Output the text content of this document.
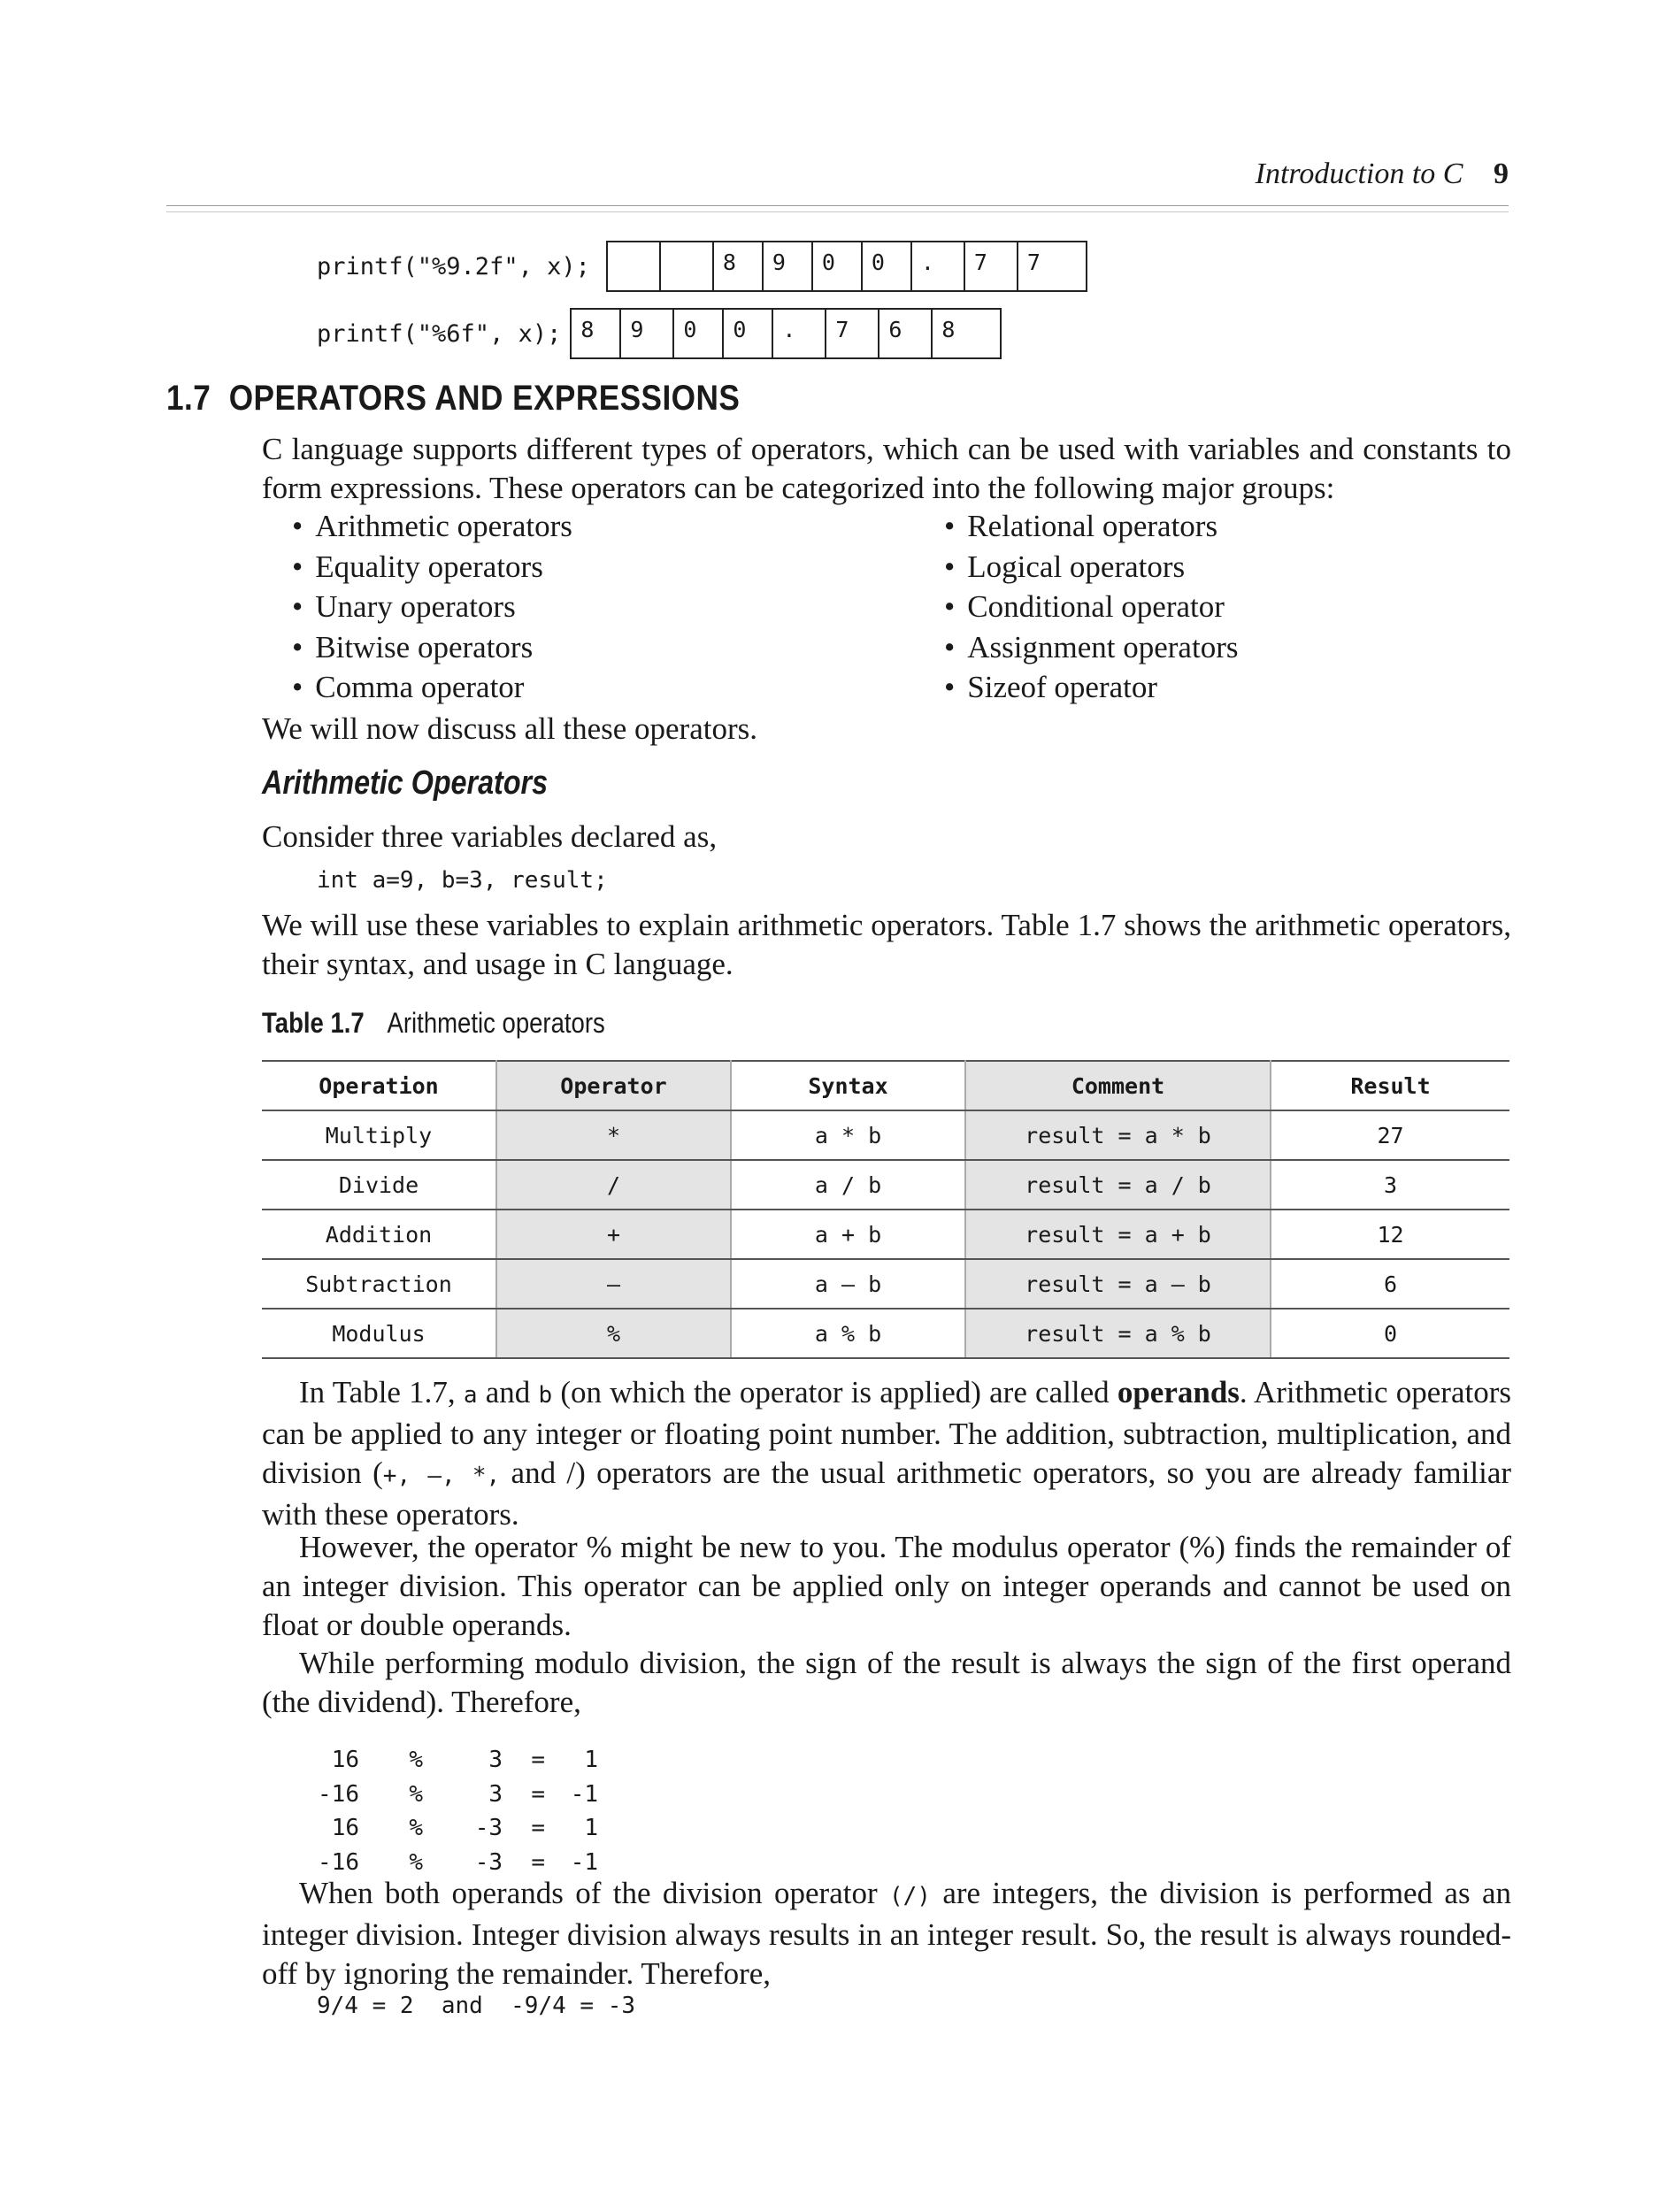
Introduction to C 9
printf("%9.2f", x);	8	9	0	0	.	7	7
printf("%6f", x); 8	9	0	0	.	7	6	8
1.7 OPERATORS AND EXPRESSIONS
C language supports different types of operators, which can be used with variables and constants to form expressions. These operators can be categorized into the following major groups:
• Arithmetic operators
• Equality operators
• Unary operators
• Bitwise operators
• Comma operator
• Relational operators
• Logical operators
• Conditional operator
• Assignment operators
• Sizeof operator
We will now discuss all these operators.
Arithmetic Operators
Consider three variables declared as,
int a=9, b=3, result;
We will use these variables to explain arithmetic operators. Table 1.7 shows the arithmetic operators, their syntax, and usage in C language.
Table 1.7 Arithmetic operators
Operation	Operator	Syntax	Comment	Result
Multiply	*	a * b	result = a * b	27
Divide	/	a / b	result = a / b	3
Addition	+	a + b	result = a + b	12
Subtraction	–	a – b	result = a – b	6
Modulus	%	a % b	result = a % b	0
In Table 1.7, a and b (on which the operator is applied) are called operands. Arithmetic operators can be applied to any integer or floating point number. The addition, subtraction, multiplication, and division (+, –, *, and /) operators are the usual arithmetic operators, so you are already familiar with these operators.
However, the operator % might be new to you. The modulus operator (%) finds the remainder of an integer division. This operator can be applied only on integer operands and cannot be used on float or double operands.
While performing modulo division, the sign of the result is always the sign of the first operand (the dividend). Therefore,
16	%	3	=	1
-16	%	3	=	-1
16	%	-3	=	1
-16	%	-3	=	-1
When both operands of the division operator (/) are integers, the division is performed as an integer division. Integer division always results in an integer result. So, the result is always rounded-off by ignoring the remainder. Therefore,
9/4 = 2  and  -9/4 = -3
